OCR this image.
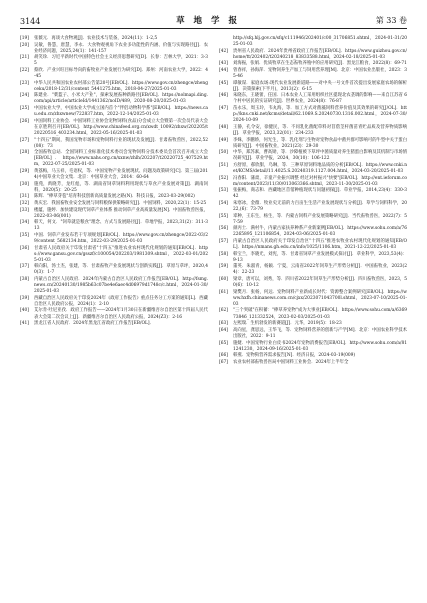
3144	草 地 学 报	第 33 卷
[19]	张薇元．再谈大食物观[J]．农业技术与装备，2024(11)：1-2,5
[20]	吴敏，鲁慧，唐慧，李永．大食物观视角下农业多功能性的内涵、价值与实现路径[J]．农业经济问题，2025,24(1)：141-157
[21]	胡笑珍．习近平新时代中国特色社会主义经济思想研究[D]．长春：吉林大学，2021：3-35
[22]	蔡欣．产业兴旺目标导向的畜牧业产业发展行为研究[D]．郑州：河南农业大学，2022：4-45
[23]	中华人民共和国农业农村部公告第20号[EB/OL]．https://www.gov.cn/zhengce/zhengceku/2018-12/31/content_5441275.htm，2018-04-27/2025-01-03
[24]	陈建业．"菜篮子、小米大产业"，探索发展畜种新路径[EB/OL]．https://nolmapi.ding.com/api/article/articleId/1441362/noID/489，2020-08-20/2025-01-03
[25]	中国农业大学，中国农业大学成立国内首个"伴侣动物科学系"[EB/OL]．https://news.cau.edu.cn/zhxwnew/722837.htm，2022-12-14/2025-01-03
[26]	中国饲料工业协会．中国饲料工业协会宠物饲料(食品)分会成立大会暨第一次会员代表大会在京胜利召开[EB/OL]．http://www.chinafeed.org.cn/xwdt_10092/zhxw/202205/t20220516_403234.html，2022-05-16/2025-01-03
[27]	"十四五"期间，我国宠物市场和宠物饲料行业的现状及发展[J]．甘肃畜牧兽医，2022,52(08)：73
[28]	全国畜牧总站．全国饲料工业标准化技术委员会宠物饲料分技术委员会首次召开成立大会[EB/OL]．https://www.nahs.org.cn/xxnw/zhlh/202207/t20220725_407529.htm，2022-07-25/2025-01-03
[29]	黄荔梅，马玉祥，毛语权，等．中国宠物产业发展现状、问题及政策研究[C]．第三届(2014)中国草业大会文集．北京：中国草业大会，2014：60-64
[30]	施苑，禹晓芳，龙红彪，等．湖南省饲草饲料利用现状与草食产业发展对策[J]．湖南饲料，2020(5)：20-25
[31]	陈辉．"棒草芽苞"培育科技创新高质量发展之路(N)．科技日报，2023-03-29(002)
[32]	黄庆宏．我国畜牧业安全发展与饲料粮保供策略研究[J]．中国饲料，2020,22(1)：15-25
[33]	楼蕴，施婷．加快建设现代饲草产业体系 推动饲草产业高质量发展[N]．中国畜牧兽医报，2022-03-06(001)
[34]	韩天，何文．"饲草就是粮食"理念、方式与发展路径[J]．草地学报，2023,31(2)：311-313
[35]	中国．饲草产业发布若干专项规划[EB/OL]．https://www.gov.cn/zhengce/2022-03/29/content_5682134.htm，2022-03-29/2025-01-03
[36]	甘肃省人民政府关于印发甘肃省"十四五"推进农业农村现代化规划的通知[EB/OL]．https://www.gansu.gov.cn/gsszf/c100054/202203/1981309.shtml，2022-03-01/2025-01-03
[37]	韩向阳，汤士杰，张建，等．甘肃畜牧产业发展现状与创新实践[J]．草原与草坪，2020,40(3)：1-7
[38]	内蒙古自治区人民政府．2024年内蒙古自治区人民政府工作报告[EB/OL]．http://fsmg.news.cn/20240130/1985b63c07be4e6aec4d06979d1748c/c.html，2024-01-30/2025-01-03
[39]	西藏自治区人民政府关于印发2024年《政府工作报告》重点任务分工方案的通知[L]．西藏自治区人民政府公报，2024(1)：2-10
[40]	艾尔肯·吐尼亚孜．政府工作报告——2024年1月30日在新疆维吾尔自治区第十四届人民代表大会第二次会议上[J]．新疆维吾尔自治区人民政府公报，2024(Z3)：2-16
[41]	黑龙江省人民政府．2024年黑龙江省政府工作报告[EB/OL]．
http://sfq.hlj.gov.cn/sfq/c111946/202401/c00_31706851.shtml，2024-01-31/2025-01-03
[42]	贵州省人民政府．2024年贵州省政府工作报告[EB/OL]．https://www.guizhou.gov.cn/home/tt/202402/t20240218_83833588.html，2024-02-18/2025-01-03
[43]	刘海振，张娟．优质牧草在生态畜牧养殖中的应用研究[J]．黑龙江粮食，2022(8)：69-71
[44]	曾春祥，孙海萍．宠物饲养生产加工与饲用营养理[M]．北京：中国农业出版社，2023：35-46
[45]	谭敏谋．家庭农场:现代农业发展新道路——对中央一号文件首次提出发展家庭农场的解析[J]．决策探索(下半月)，2013(2)：6-15
[46]	朱晓东，王晓蕾，任国．日本农业人工采用组织社区提现北农垄调的影响——来自江苏省 6 个村中居民的实证研究[J]．世界农业，2024(8)：76-87
[47]	苗永乐，周玉玲，韦丸海，等．加工方式对菌藻饲料营养价值及其效果的研究[J/OL]．http://kns.cnki.net/kcms/detail/62.1069.S.20240730.1316.002.html，2024-07-30/2024-10-09
[48]	王静，孔令安，徐健民，等．不同乳化菌配草料对苜蓿茎杆菌苗青贮品质及营养物质影响[J]．草业学报，2023,32(01)：234-233
[49]	李姝，李鹏娇，何光生，等．乳化剂与生物对宠物食品中菌共群可影响可的牛型中关于蛋白质研究[J]．中国畜牧业，2021(23)：29-30
[50]	中华，郑苏素，曹高勋，等．沙障植被下草坪中菌质量对养生猪蛋白影响及其机制与市场情况研究[J]．草业学报，2024，30(10)：106-122
[51]	方舒原，郝欣甜，乌琳，等．三种草原饲料地品质的分析[EB/OL]．https://www.cnki.net/KCMS/detail/11.4025.S.20240319.1127.004.html，2024-03-20/2025-01-03
[52]	冯春阳．蒲肃，辛童产业振兴调整 经过对村振兴"快要"[EB/OL]．http://ent.ieforum.com/content/2023/11/30/013063366.shtml，2023-11-30/2025-01-03
[53]	张振梅，商志和．西藏地区苜蓿种植现状与问题初探[J]．草业学报，2014,23(4)：330-342
[54]	朱寒冰，金薇．牧业史无前的力百亩生生活产业发展现状与分析[J]．草学与饲料科学，2022,(6)：73-79
[55]	辜种，王东生，杨生，等．内蒙古饲料产业发展策略研究[J]．当代畜牧兽医，2022(7)：57-59
[56]	颜丙士．满村牛，内蒙古家扶养种系产业新案例[EB/OL]．https://www.sohu.com/a/762265895_121106854，2024-03-06/2025-01-03
[57]	内蒙古自治区人民政府关于印发自治区"十四五"推进农牧业农村现代化规划的通知[EB/OL]．https://nmans.gh.edu.cn/info/1025/1106.htm，2021-12-22/2025-01-03
[58]	韩宝兰，李晓光，刘宪，等．甘肃省饲草产业发展模式探讨[J]．草业科学，2023,53(4)：9-13
[59]	董英．朱淑青，杨颖．宁夏，云南省2022年饲草生产形势分析[J]．中国畜牧业，2023(24)：22-23
[60]	梁章，唐可以，刘秀，等．四川省2022年饲草生产形势分析[J]．四川畜牧兽医，2023，50(6)：10-12
[61]	梁樊月．张杨，何远．宠物饲料产业新成长时代：资源整合案例研究[EB/OL]．https://www.hxfh.chinanews.com.cn/cjxx/2023071043700l.shtml，2023-07-10/2025-01-03
[62]	"三个突破"在积蓄："棒草养宠物"成为大事业[EB/OL]．https://www.sohu.com/a/636973846_121332524，2023-02-03/2025-01-03
[63]	左熙瑞．生机勃发的新赛道[J]．元华，2019(5)：18-23
[64]	高向星，龚思远，王华飞，等．宠物饲料营养的创新与产学[M]．北京：中国农业科学技术出版社，2022：9-11
[65]	施婕．中国宠物行业白皮书2024年宠物消费报告[EB/OL]．http://www.sohu.com/a/811241230，2024-09-16/2025-01-03
[66]	韩燕．宠物狗营养需求报告[N]．经济日报，2024-03-19(009)
[67]	农业农村部畜牧兽医局中国饲料工业协会．2024年上半年全
